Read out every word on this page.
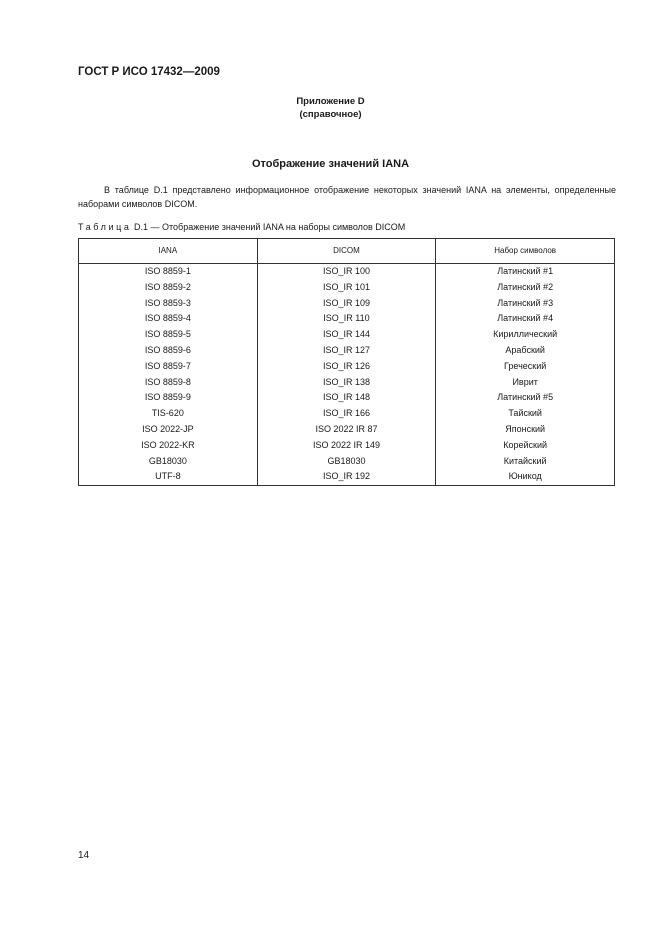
ГОСТ Р ИСО 17432—2009
Приложение D
(справочное)
Отображение значений IANA
В таблице D.1 представлено информационное отображение некоторых значений IANA на элементы, определенные наборами символов DICOM.
Таблица D.1 — Отображение значений IANA на наборы символов DICOM
IANA	DICOM	Набор символов
ISO 8859-1	ISO_IR 100	Латинский #1
ISO 8859-2	ISO_IR 101	Латинский #2
ISO 8859-3	ISO_IR 109	Латинский #3
ISO 8859-4	ISO_IR 110	Латинский #4
ISO 8859-5	ISO_IR 144	Кириллический
ISO 8859-6	ISO_IR 127	Арабский
ISO 8859-7	ISO_IR 126	Греческий
ISO 8859-8	ISO_IR 138	Иврит
ISO 8859-9	ISO_IR 148	Латинский #5
TIS-620	ISO_IR 166	Тайский
ISO 2022-JP	ISO 2022 IR 87	Японский
ISO 2022-KR	ISO 2022 IR 149	Корейский
GB18030	GB18030	Китайский
UTF-8	ISO_IR 192	Юникод
14
